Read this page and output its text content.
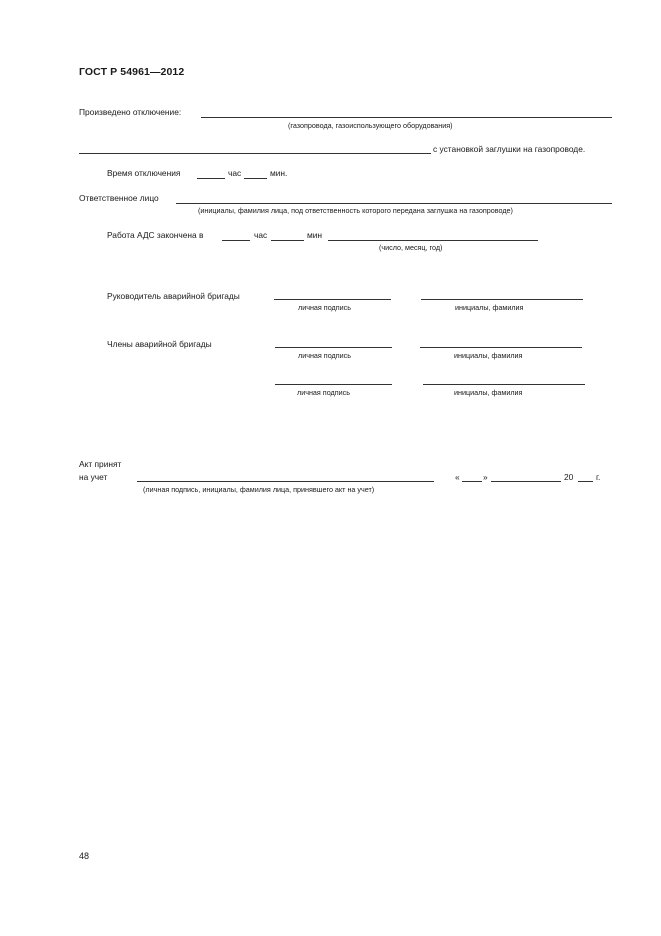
ГОСТ Р 54961—2012
Произведено отключение:
(газопровода, газоиспользующего оборудования)
с установкой заглушки на газопроводе.
Время отключения	час	мин.
Ответственное лицо
(инициалы, фамилия лица, под ответственность которого передана заглушка на газопроводе)
Работа АДС закончена в	час	мин
(число, месяц, год)
Руководитель аварийной бригады
личная подпись	инициалы, фамилия
Члены аварийной бригады
личная подпись	инициалы, фамилия
личная подпись	инициалы, фамилия
Акт принят
на учет
(личная подпись, инициалы, фамилия лица, принявшего акт на учет)
«	»	20	г.
48
